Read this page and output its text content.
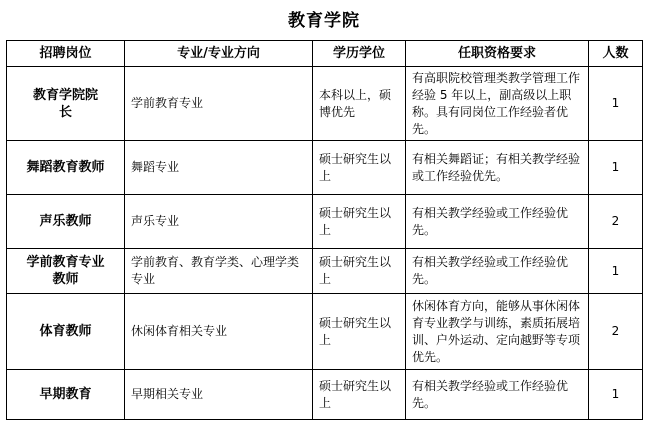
教育学院
招聘岗位	专业/专业方向	学历学位	任职资格要求	人数

教育学院院长	学前教育专业	本科以上，硕博优先	有高职院校管理类教学管理工作经验 5 年以上，副高级以上职称。具有同岗位工作经验者优先。	1
舞蹈教育教师	舞蹈专业	硕士研究生以上	有相关舞蹈证；有相关教学经验或工作经验优先。	1
声乐教师	声乐专业	硕士研究生以上	有相关教学经验或工作经验优先。	2

学前教育专业教师	学前教育、教育学类、心理学类专业	硕士研究生以上	有相关教学经验或工作经验优先。	1
体育教师	休闲体育相关专业	硕士研究生以上	休闲体育方向，能够从事休闲体育专业教学与训练，素质拓展培训、户外运动、定向越野等专项优先。	2
早期教育	早期相关专业	硕士研究生以上	有相关教学经验或工作经验优先。	1
